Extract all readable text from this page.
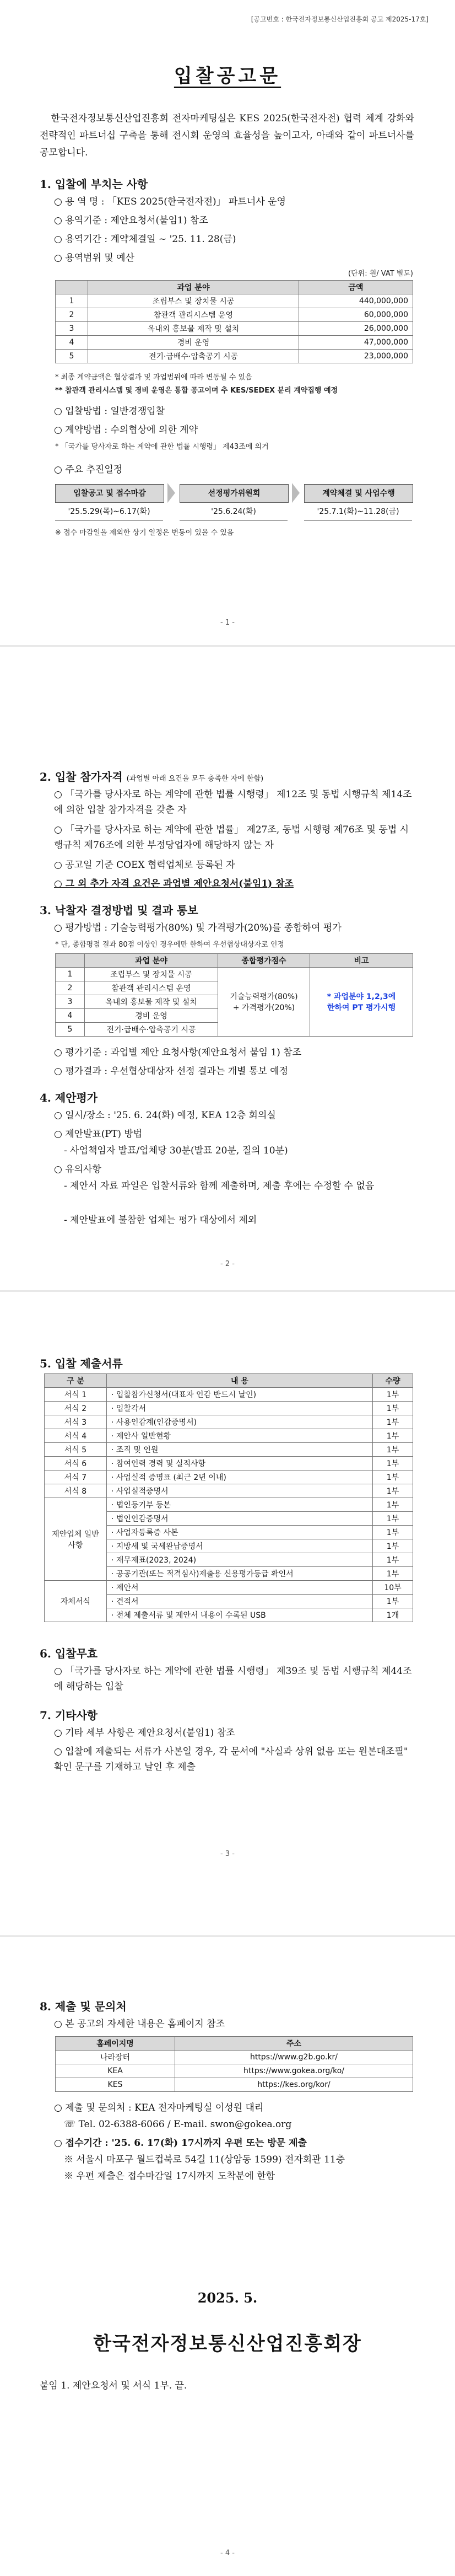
[공고번호 : 한국전자정보통신산업진흥회 공고 제2025-17호]
입찰공고문
한국전자정보통신산업진흥회 전자마케팅실은 KES 2025(한국전자전) 협력 체계 강화와 전략적인 파트너십 구축을 통해 전시회 운영의 효율성을 높이고자, 아래와 같이 파트너사를 공모합니다.
1. 입찰에 부치는 사항
○ 용 역 명 : 「KES 2025(한국전자전)」 파트너사 운영
○ 용역기준 : 제안요청서(붙임1) 참조
○ 용역기간 : 계약체결일 ~ '25. 11. 28(금)
○ 용역범위 및 예산
(단위: 원/ VAT 별도)
	과업 분야	금액
1	조립부스 및 장치물 시공	440,000,000
2	참관객 관리시스템 운영	60,000,000
3	옥내외 홍보물 제작 및 설치	26,000,000
4	경비 운영	47,000,000
5	전기·급배수·압축공기 시공	23,000,000
* 최종 계약금액은 협상결과 및 과업범위에 따라 변동될 수 있음
** 참관객 관리시스템 및 경비 운영은 통합 공고이며 추 KES/SEDEX 분리 계약집행 예정
○ 입찰방법 : 일반경쟁입찰
○ 계약방법 : 수의협상에 의한 계약
* 「국가를 당사자로 하는 계약에 관한 법률 시행령」 제43조에 의거
○ 주요 추진일정
입찰공고 및 접수마감	선정평가위원회	계약체결 및 사업수행
'25.5.29(목)~6.17(화)	'25.6.24(화)	'25.7.1(화)~11.28(금)
※ 접수 마감일을 제외한 상기 일정은 변동이 있을 수 있음
- 1 -
2. 입찰 참가자격 (과업별 아래 요건을 모두 충족한 자에 한함)
○ 「국가를 당사자로 하는 계약에 관한 법률 시행령」 제12조 및 동법 시행규칙 제14조에 의한 입찰 참가자격을 갖춘 자
○ 「국가를 당사자로 하는 계약에 관한 법률」 제27조, 동법 시행령 제76조 및 동법 시행규칙 제76조에 의한 부정당업자에 해당하지 않는 자
○ 공고일 기준 COEX 협력업체로 등록된 자
○ 그 외 추가 자격 요건은 과업별 제안요청서(붙임1) 참조
3. 낙찰자 결정방법 및 결과 통보
○ 평가방법 : 기술능력평가(80%) 및 가격평가(20%)를 종합하여 평가
* 단, 종합평점 결과 80점 이상인 경우에만 한하여 우선협상대상자로 인정
	과업 분야	종합평가점수	비고
1	조립부스 및 장치물 시공	기술능력평가(80%)
+ 가격평가(20%)	* 과업분야 1,2,3에
한하여 PT 평가시행
2	참관객 관리시스템 운영		
3	옥내외 홍보물 제작 및 설치		
4	경비 운영		
5	전기·급배수·압축공기 시공		
○ 평가기준 : 과업별 제안 요청사항(제안요청서 붙임 1) 참조
○ 평가결과 : 우선협상대상자 선정 결과는 개별 통보 예정
4. 제안평가
○ 일시/장소 : '25. 6. 24(화) 예정, KEA 12층 회의실
○ 제안발표(PT) 방법
- 사업책임자 발표/업체당 30분(발표 20분, 질의 10분)
○ 유의사항
- 제안서 자료 파일은 입찰서류와 함께 제출하며, 제출 후에는 수정할 수 없음
- 제안발표에 불참한 업체는 평가 대상에서 제외
- 2 -
5. 입찰 제출서류
구 분	내 용	수량
서식 1	· 입찰참가신청서(대표자 인감 반드시 날인)	1부
서식 2	· 입찰각서	1부
서식 3	· 사용인감계(인감증명서)	1부
서식 4	· 제안사 일반현황	1부
서식 5	· 조직 및 인원	1부
서식 6	· 참여인력 경력 및 실적사항	1부
서식 7	· 사업실적 증명표 (최근 2년 이내)	1부
서식 8	· 사업실적증명서	1부
제안업체 일반사항	· 법인등기부 등본	1부
	· 법인인감증명서	1부
	· 사업자등록증 사본	1부
	· 지방세 및 국세완납증명서	1부
	· 재무제표(2023, 2024)	1부
	· 공공기관(또는 적격심사)제출용 신용평가등급 확인서	1부
자체서식	· 제안서	10부
	· 견적서	1부
	· 전체 제출서류 및 제안서 내용이 수록된 USB	1개
6. 입찰무효
○ 「국가를 당사자로 하는 계약에 관한 법률 시행령」 제39조 및 동법 시행규칙 제44조에 해당하는 입찰
7. 기타사항
○ 기타 세부 사항은 제안요청서(붙임1) 참조
○ 입찰에 제출되는 서류가 사본일 경우, 각 문서에 "사실과 상위 없음 또는 원본대조필" 확인 문구를 기재하고 날인 후 제출
- 3 -
8. 제출 및 문의처
○ 본 공고의 자세한 내용은 홈페이지 참조
홈페이지명	주소
나라장터	https://www.g2b.go.kr/
KEA	https://www.gokea.org/ko/
KES	https://kes.org/kor/
○ 제출 및 문의처 : KEA 전자마케팅실 이성원 대리
☏ Tel. 02-6388-6066 / E-mail. swon@gokea.org
○ 접수기간 : '25. 6. 17(화) 17시까지 우편 또는 방문 제출
※ 서울시 마포구 월드컵북로 54길 11(상암동 1599) 전자회관 11층
※ 우편 제출은 접수마감일 17시까지 도착분에 한함
2025. 5.
한국전자정보통신산업진흥회장
붙임 1. 제안요청서 및 서식 1부. 끝.
- 4 -
